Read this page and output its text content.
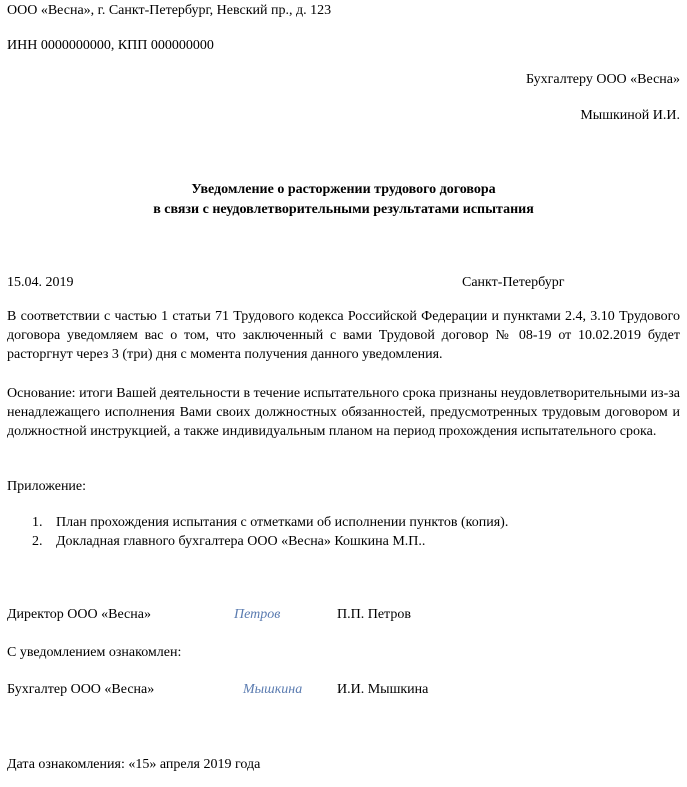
ООО «Весна», г. Санкт-Петербург, Невский пр., д. 123
ИНН 0000000000, КПП 000000000
Бухгалтеру ООО «Весна»
Мышкиной И.И.
Уведомление о расторжении трудового договора
в связи с неудовлетворительными результатами испытания
15.04. 2019	Санкт-Петербург
В соответствии с частью 1 статьи 71 Трудового кодекса Российской Федерации и пунктами 2.4, 3.10 Трудового договора уведомляем вас о том, что заключенный с вами Трудовой договор № 08-19 от 10.02.2019 будет расторгнут через 3 (три) дня с момента получения данного уведомления.
Основание: итоги Вашей деятельности в течение испытательного срока признаны неудовлетворительными из-за ненадлежащего исполнения Вами своих должностных обязанностей, предусмотренных трудовым договором и должностной инструкцией, а также индивидуальным планом на период прохождения испытательного срока.
Приложение:
1. План прохождения испытания с отметками об исполнении пунктов (копия).
2. Докладная главного бухгалтера ООО «Весна» Кошкина М.П..
Директор ООО «Весна»	Петров	П.П. Петров
С уведомлением ознакомлен:
Бухгалтер ООО «Весна»	Мышкина И.И. Мышкина
Дата ознакомления: «15» апреля 2019 года
